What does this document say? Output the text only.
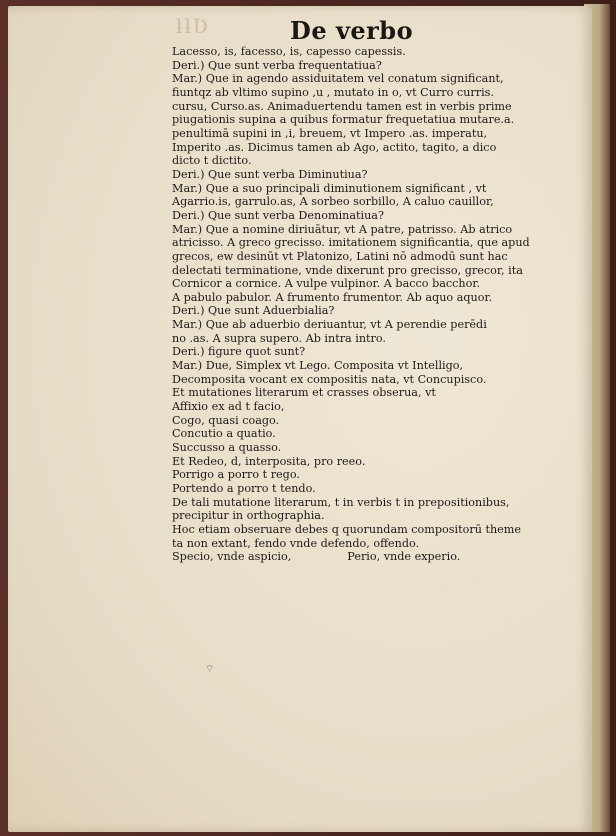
ƚƚƲ	De verbo
Lacesso, is, facesso, is, capesso capessis.
Deri.) Que sunt verba frequentatiua?
Mar.) Que in agendo assiduitatem vel conatum significant,
fiuntqz ab vltimo supino ,u , mutato in o, vt Curro curris.
cursu, Curso.as. Animaduertendu tamen est in verbis prime
piugationis supina a quibus formatur frequetatiua mutare.a.
penultimā supini in ,i, breuem, vt Impero .as. imperatu,
Imperito .as. Dicimus tamen ab Ago, actito, tagito, a dico
dicto t dictito.
Deri.) Que sunt verba Diminutiua?
Mar.) Que a suo principali diminutionem significant , vt
Agarrio.is, garrulo.as, A sorbeo sorbillo, A caluo cauillor,
Deri.) Que sunt verba Denominatiua?
Mar.) Que a nomine diriuātur, vt A patre, patrisso. Ab atrico
atricisso. A greco grecisso. imitationem significantia, que apud
grecos, ew desinūt vt Platonizo, Latini nō admodū sunt hac
delectati terminatione, vnde dixerunt pro grecisso, grecor, ita
Cornicor a cornice. A vulpe vulpinor. A bacco bacchor.
A pabulo pabulor. A frumento frumentor. Ab aquo aquor.
Deri.) Que sunt Aduerbialia?
Mar.) Que ab aduerbio deriuantur, vt A perendie perēdi
no .as. A supra supero. Ab intra intro.
Deri.) figure quot sunt?
Mar.) Due, Simplex vt Lego. Composita vt Intelligo,
Decomposita vocant ex compositis nata, vt Concupisco.
Et mutationes literarum et crasses obserua, vt
Affixio ex ad t facio,
Cogo, quasi coago.
Concutio a quatio.
Succusso a quasso.
Et Redeo, d, interposita, pro reeo.
Porrigo a porro t rego.
Portendo a porro t tendo.
De tali mutatione literarum, t in verbis t in prepositionibus,
precipitur in orthographia.
Hoc etiam obseruare debes q quorundam compositorū theme
ta non extant, fendo vnde defendo, offendo.
Specio, vnde aspicio,	Perio, vnde experio.
⌔
